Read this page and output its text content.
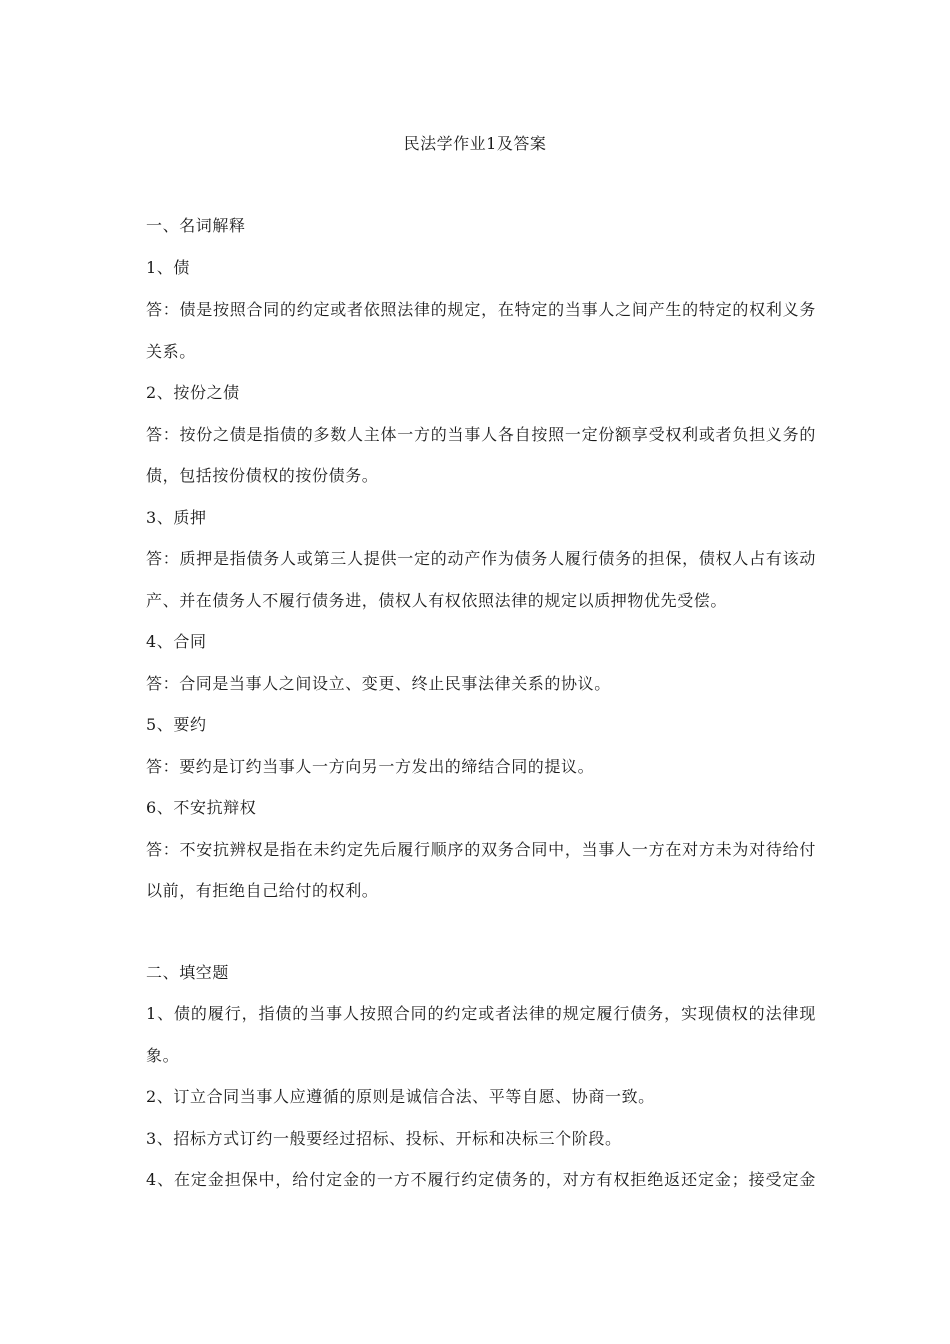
民法学作业1及答案
一、名词解释
1、债
答：债是按照合同的约定或者依照法律的规定，在特定的当事人之间产生的特定的权利义务
关系。
2、按份之债
答：按份之债是指债的多数人主体一方的当事人各自按照一定份额享受权利或者负担义务的
债，包括按份债权的按份债务。
3、质押
答：质押是指债务人或第三人提供一定的动产作为债务人履行债务的担保，债权人占有该动
产、并在债务人不履行债务进，债权人有权依照法律的规定以质押物优先受偿。
4、合同
答：合同是当事人之间设立、变更、终止民事法律关系的协议。
5、要约
答：要约是订约当事人一方向另一方发出的缔结合同的提议。
6、不安抗辩权
答：不安抗辨权是指在未约定先后履行顺序的双务合同中，当事人一方在对方未为对待给付
以前，有拒绝自己给付的权利。
二、填空题
1、债的履行，指债的当事人按照合同的约定或者法律的规定履行债务，实现债权的法律现
象。
2、订立合同当事人应遵循的原则是诚信合法、平等自愿、协商一致。
3、招标方式订约一般要经过招标、投标、开标和决标三个阶段。
4、在定金担保中，给付定金的一方不履行约定债务的，对方有权拒绝返还定金；接受定金
